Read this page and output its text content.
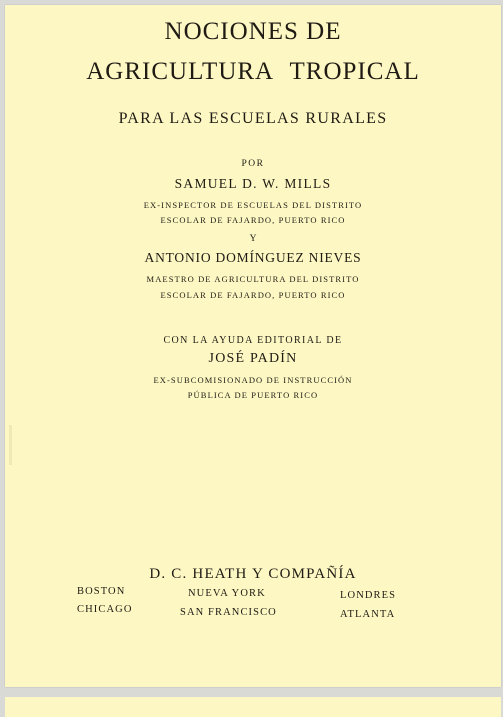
NOCIONES DE
AGRICULTURA TROPICAL
PARA LAS ESCUELAS RURALES
POR
SAMUEL D. W. MILLS
EX-INSPECTOR DE ESCUELAS DEL DISTRITO
ESCOLAR DE FAJARDO, PUERTO RICO
Y
ANTONIO DOMÍNGUEZ NIEVES
MAESTRO DE AGRICULTURA DEL DISTRITO
ESCOLAR DE FAJARDO, PUERTO RICO
CON LA AYUDA EDITORIAL DE
JOSÉ PADÍN
EX-SUBCOMISIONADO DE INSTRUCCIÓN
PÚBLICA DE PUERTO RICO
D. C. HEATH Y COMPAÑÍA
BOSTON	NUEVA YORK	LONDRES
CHICAGO	SAN FRANCISCO	ATLANTA
